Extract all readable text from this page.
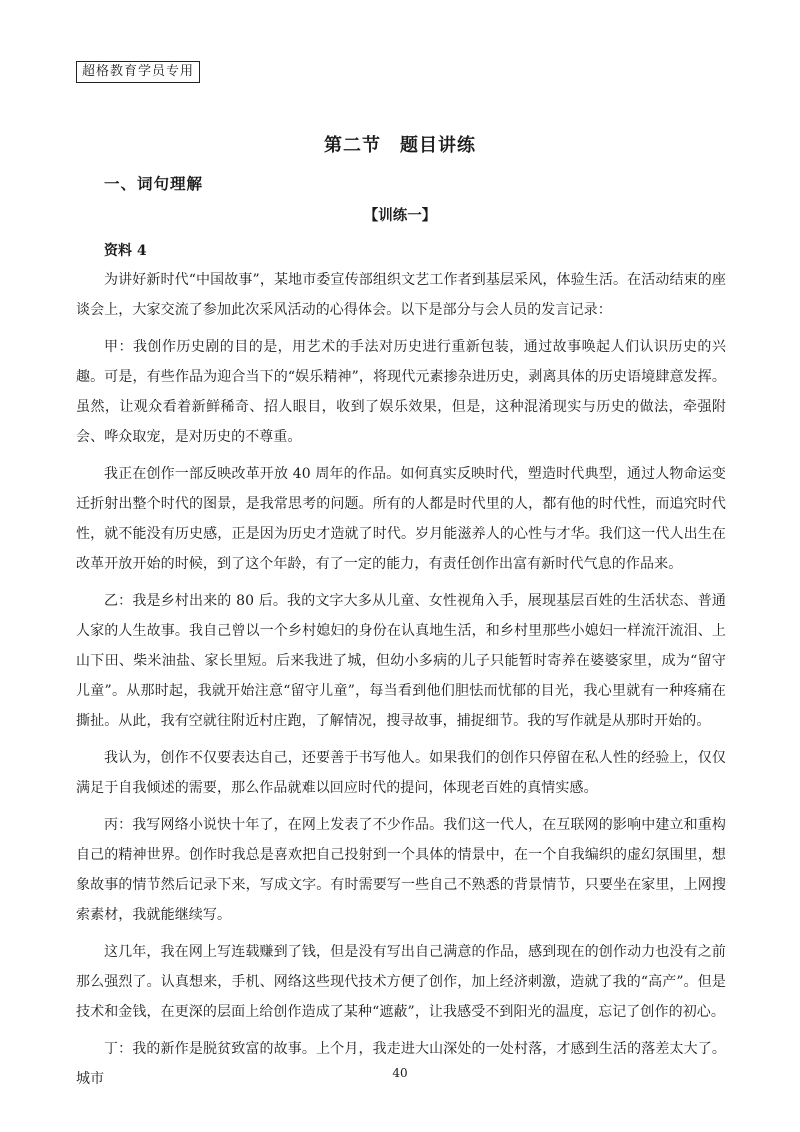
超格教育学员专用
第二节　题目讲练
一、词句理解
【训练一】
资料 4

为讲好新时代“中国故事”，某地市委宣传部组织文艺工作者到基层采风，体验生活。在活动结束的座谈会上，大家交流了参加此次采风活动的心得体会。以下是部分与会人员的发言记录：

甲：我创作历史剧的目的是，用艺术的手法对历史进行重新包装，通过故事唤起人们认识历史的兴趣。可是，有些作品为迎合当下的“娱乐精神”，将现代元素掺杂进历史，剥离具体的历史语境肆意发挥。虽然，让观众看着新鲜稀奇、招人眼目，收到了娱乐效果，但是，这种混淆现实与历史的做法，牵强附会、哗众取宠，是对历史的不尊重。

我正在创作一部反映改革开放 40 周年的作品。如何真实反映时代，塑造时代典型，通过人物命运变迁折射出整个时代的图景，是我常思考的问题。所有的人都是时代里的人，都有他的时代性，而追究时代性，就不能没有历史感，正是因为历史才造就了时代。岁月能滋养人的心性与才华。我们这一代人出生在改革开放开始的时候，到了这个年龄，有了一定的能力，有责任创作出富有新时代气息的作品来。

乙：我是乡村出来的 80 后。我的文字大多从儿童、女性视角入手，展现基层百姓的生活状态、普通人家的人生故事。我自己曾以一个乡村媳妇的身份在认真地生活，和乡村里那些小媳妇一样流汗流泪、上山下田、柴米油盐、家长里短。后来我进了城，但幼小多病的儿子只能暂时寄养在婆婆家里，成为“留守儿童”。从那时起，我就开始注意“留守儿童”，每当看到他们胆怯而忧郁的目光，我心里就有一种疼痛在撕扯。从此，我有空就往附近村庄跑，了解情况，搜寻故事，捕捉细节。我的写作就是从那时开始的。

我认为，创作不仅要表达自己，还要善于书写他人。如果我们的创作只停留在私人性的经验上，仅仅满足于自我倾述的需要，那么作品就难以回应时代的提问，体现老百姓的真情实感。

丙：我写网络小说快十年了，在网上发表了不少作品。我们这一代人，在互联网的影响中建立和重构自己的精神世界。创作时我总是喜欢把自己投射到一个具体的情景中，在一个自我编织的虚幻氛围里，想象故事的情节然后记录下来，写成文字。有时需要写一些自己不熟悉的背景情节，只要坐在家里，上网搜索素材，我就能继续写。

这几年，我在网上写连载赚到了钱，但是没有写出自己满意的作品，感到现在的创作动力也没有之前那么强烈了。认真想来，手机、网络这些现代技术方便了创作，加上经济刺激，造就了我的“高产”。但是技术和金钱，在更深的层面上给创作造成了某种“遮蔽”，让我感受不到阳光的温度，忘记了创作的初心。

丁：我的新作是脱贫致富的故事。上个月，我走进大山深处的一处村落，才感到生活的落差太大了。城市	40
